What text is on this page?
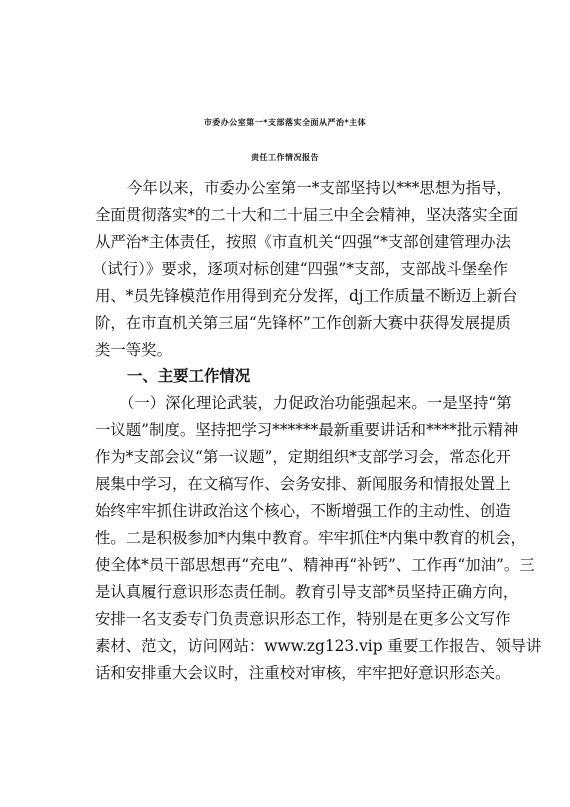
市委办公室第一*支部落实全面从严治*主体
责任工作情况报告
今年以来，市委办公室第一*支部坚持以***思想为指导，
全面贯彻落实*的二十大和二十届三中全会精神，坚决落实全面
从严治*主体责任，按照《市直机关“四强”*支部创建管理办法
（试行）》要求，逐项对标创建“四强”*支部，支部战斗堡垒作
用、*员先锋模范作用得到充分发挥，dj工作质量不断迈上新台
阶，在市直机关第三届“先锋杯”工作创新大赛中获得发展提质
类一等奖。
一、主要工作情况
（一）深化理论武装，力促政治功能强起来。一是坚持“第
一议题”制度。坚持把学习******最新重要讲话和****批示精神
作为*支部会议“第一议题”，定期组织*支部学习会，常态化开
展集中学习，在文稿写作、会务安排、新闻服务和情报处置上
始终牢牢抓住讲政治这个核心，不断增强工作的主动性、创造
性。二是积极参加*内集中教育。牢牢抓住*内集中教育的机会，
使全体*员干部思想再“充电”、精神再“补钙”、工作再“加油”。三
是认真履行意识形态责任制。教育引导支部*员坚持正确方向，
安排一名支委专门负责意识形态工作，特别是在更多公文写作
素材、范文，访问网站：www.zg123.vip 重要工作报告、领导讲
话和安排重大会议时，注重校对审核，牢牢把好意识形态关。
